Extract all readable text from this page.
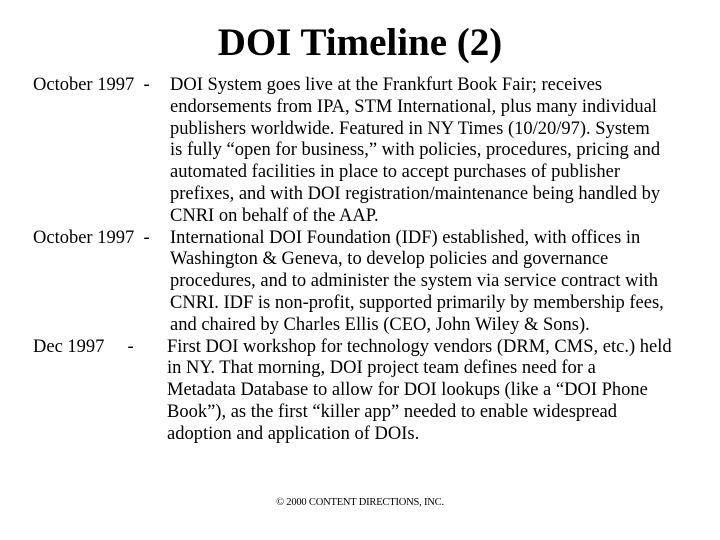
DOI Timeline (2)
October 1997  - DOI System goes live at the Frankfurt Book Fair; receives
endorsements from IPA, STM International, plus many individual
publishers worldwide. Featured in NY Times (10/20/97). System
is fully “open for business,” with policies, procedures, pricing and
automated facilities in place to accept purchases of publisher
prefixes, and with DOI registration/maintenance being handled by
CNRI on behalf of the AAP.
October 1997  - International DOI Foundation (IDF) established, with offices in
Washington & Geneva, to develop policies and governance
procedures, and to administer the system via service contract with
CNRI. IDF is non-profit, supported primarily by membership fees,
and chaired by Charles Ellis (CEO, John Wiley & Sons).
Dec 1997     - First DOI workshop for technology vendors (DRM, CMS, etc.) held
in NY. That morning, DOI project team defines need for a
Metadata Database to allow for DOI lookups (like a “DOI Phone
Book”), as the first “killer app” needed to enable widespread
adoption and application of DOIs.
© 2000 CONTENT DIRECTIONS, INC.
